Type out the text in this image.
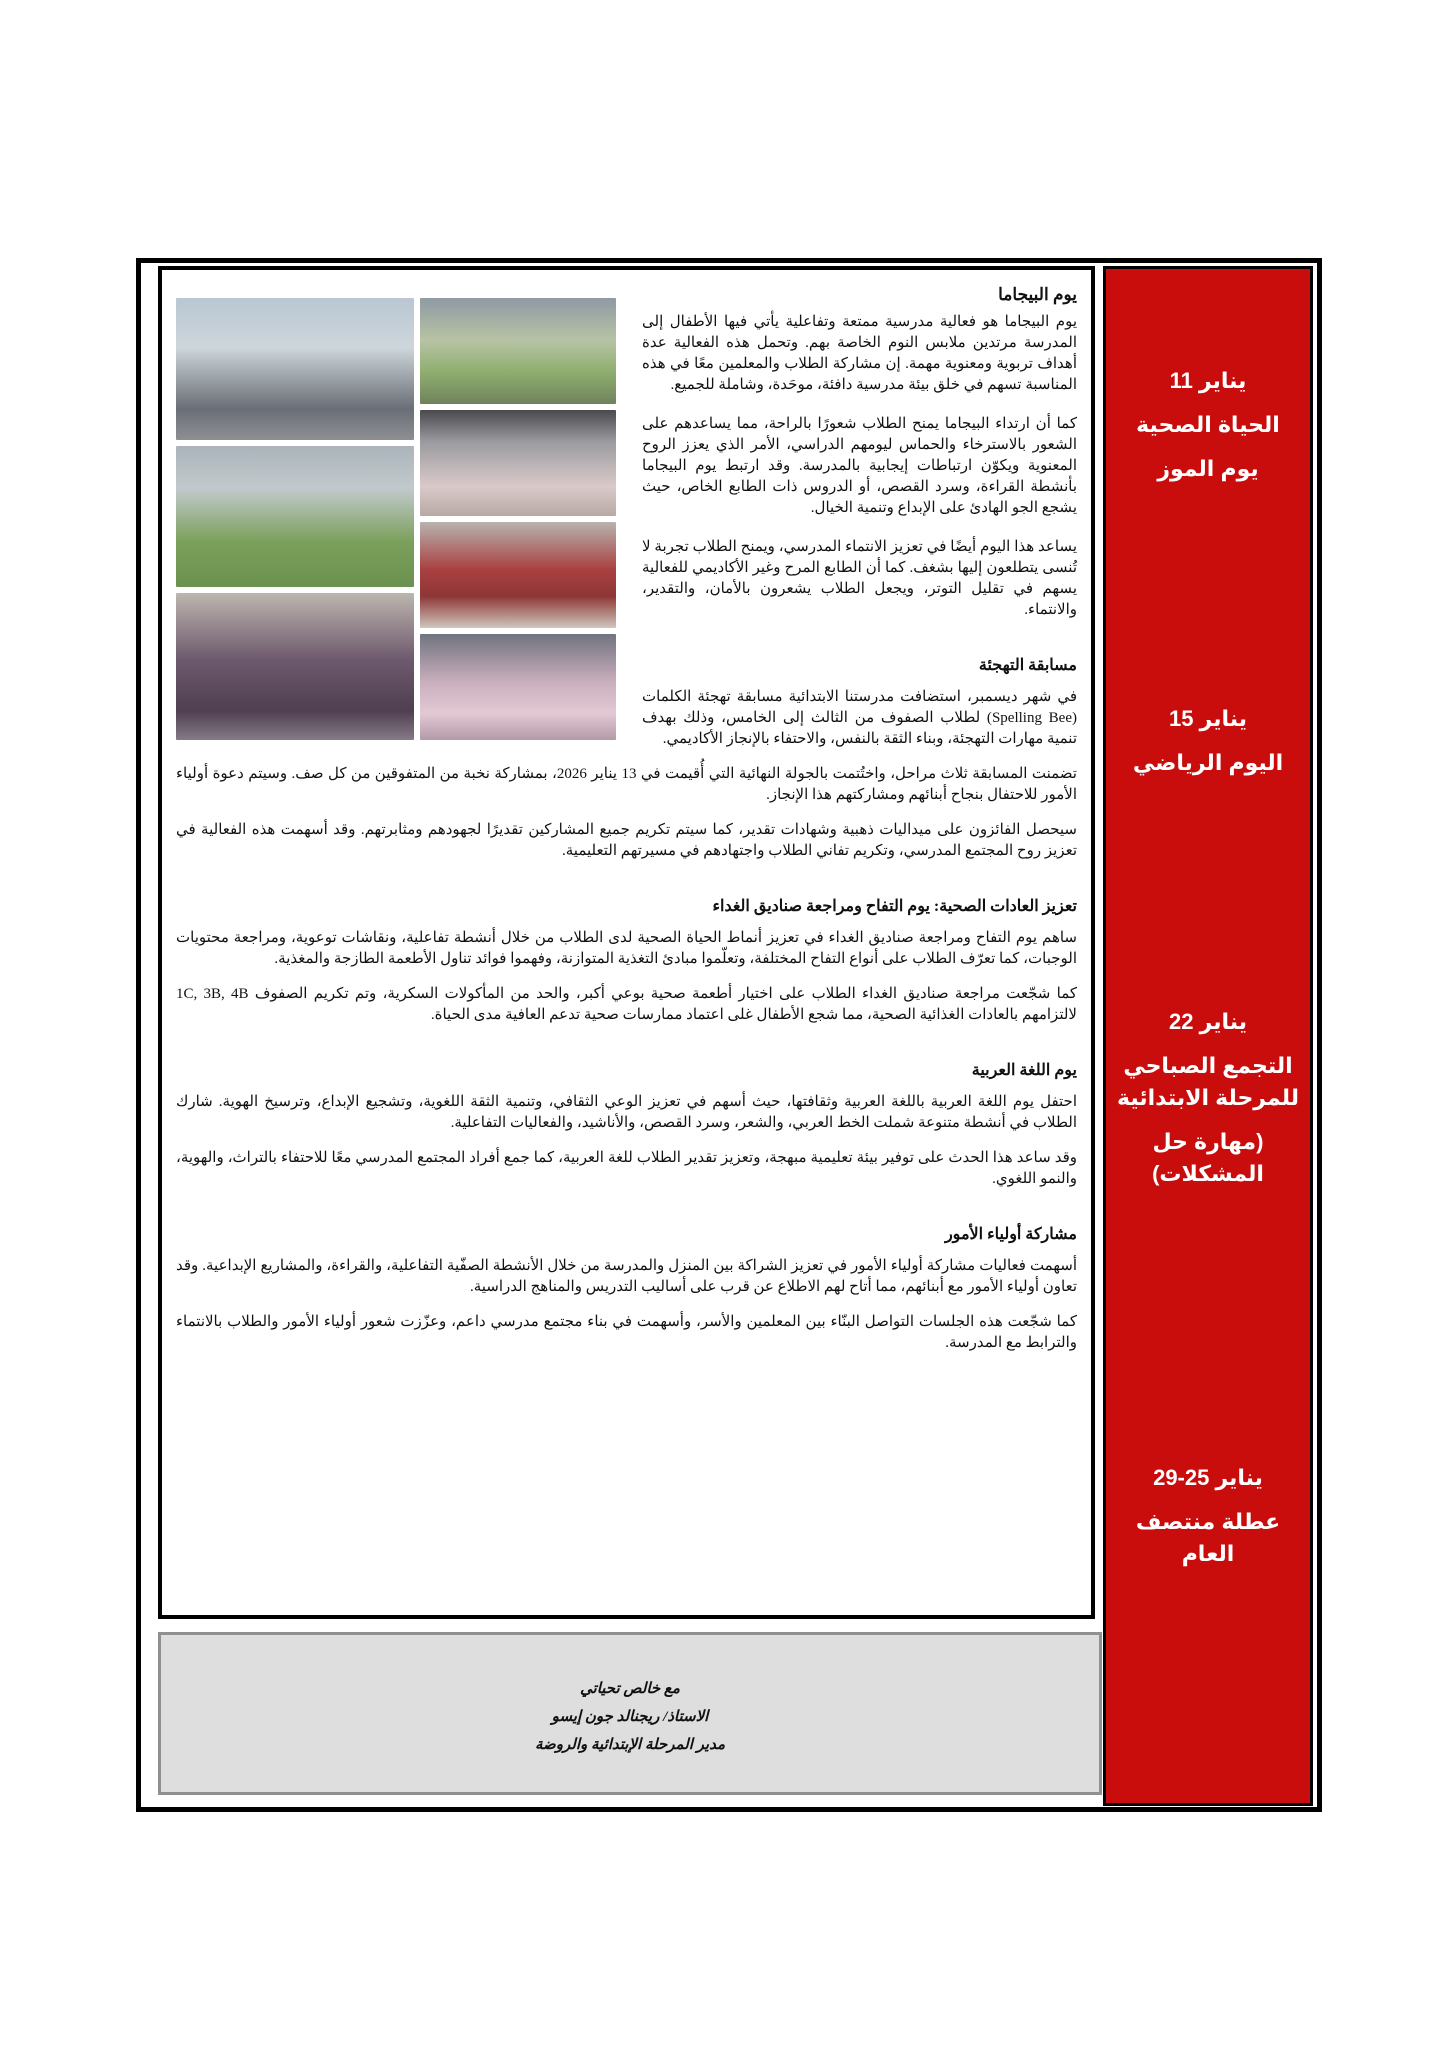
يوم البيجاما

يوم البيجاما هو فعالية مدرسية ممتعة وتفاعلية يأتي فيها الأطفال إلى المدرسة مرتدين ملابس النوم الخاصة بهم. وتحمل هذه الفعالية عدة أهداف تربوية ومعنوية مهمة. إن مشاركة الطلاب والمعلمين معًا في هذه المناسبة تسهم في خلق بيئة مدرسية دافئة، موحَدة، وشاملة للجميع.

كما أن ارتداء البيجاما يمنح الطلاب شعورًا بالراحة، مما يساعدهم على الشعور بالاسترخاء والحماس ليومهم الدراسي، الأمر الذي يعزز الروح المعنوية ويكوّن ارتباطات إيجابية بالمدرسة. وقد ارتبط يوم البيجاما بأنشطة القراءة، وسرد القصص، أو الدروس ذات الطابع الخاص، حيث يشجع الجو الهادئ على الإبداع وتنمية الخيال.

يساعد هذا اليوم أيضًا في تعزيز الانتماء المدرسي، ويمنح الطلاب تجربة لا تُنسى يتطلعون إليها بشغف. كما أن الطابع المرح وغير الأكاديمي للفعالية يسهم في تقليل التوتر، ويجعل الطلاب يشعرون بالأمان، والتقدير، والانتماء.

مسابقة التهجئة

في شهر ديسمبر، استضافت مدرستنا الابتدائية مسابقة تهجئة الكلمات (Spelling Bee) لطلاب الصفوف من الثالث إلى الخامس، وذلك بهدف تنمية مهارات التهجئة، وبناء الثقة بالنفس، والاحتفاء بالإنجاز الأكاديمي.

تضمنت المسابقة ثلاث مراحل، واختُتمت بالجولة النهائية التي أُقيمت في 13 يناير 2026، بمشاركة نخبة من المتفوقين من كل صف. وسيتم دعوة أولياء الأمور للاحتفال بنجاح أبنائهم ومشاركتهم هذا الإنجاز.

سيحصل الفائزون على ميداليات ذهبية وشهادات تقدير، كما سيتم تكريم جميع المشاركين تقديرًا لجهودهم ومثابرتهم. وقد أسهمت هذه الفعالية في تعزيز روح المجتمع المدرسي، وتكريم تفاني الطلاب واجتهادهم في مسيرتهم التعليمية.

تعزيز العادات الصحية: يوم التفاح ومراجعة صناديق الغداء

ساهم يوم التفاح ومراجعة صناديق الغداء في تعزيز أنماط الحياة الصحية لدى الطلاب من خلال أنشطة تفاعلية، ونقاشات توعوية، ومراجعة محتويات الوجبات، كما تعرّف الطلاب على أنواع التفاح المختلفة، وتعلّموا مبادئ التغذية المتوازنة، وفهموا فوائد تناول الأطعمة الطازجة والمغذية.

كما شجّعت مراجعة صناديق الغداء الطلاب على اختيار أطعمة صحية بوعي أكبر، والحد من المأكولات السكرية، وتم تكريم الصفوف 1C, 3B, 4B لالتزامهم بالعادات الغذائية الصحية، مما شجع الأطفال غلى اعتماد ممارسات صحية تدعم العافية مدى الحياة.

يوم اللغة العربية

احتفل يوم اللغة العربية باللغة العربية وثقافتها، حيث أسهم في تعزيز الوعي الثقافي، وتنمية الثقة اللغوية، وتشجيع الإبداع، وترسيخ الهوية. شارك الطلاب في أنشطة متنوعة شملت الخط العربي، والشعر، وسرد القصص، والأناشيد، والفعاليات التفاعلية.

وقد ساعد هذا الحدث على توفير بيئة تعليمية مبهجة، وتعزيز تقدير الطلاب للغة العربية، كما جمع أفراد المجتمع المدرسي معًا للاحتفاء بالتراث، والهوية، والنمو اللغوي.

مشاركة أولياء الأمور

أسهمت فعاليات مشاركة أولياء الأمور في تعزيز الشراكة بين المنزل والمدرسة من خلال الأنشطة الصفّية التفاعلية، والقراءة، والمشاريع الإبداعية. وقد تعاون أولياء الأمور مع أبنائهم، مما أتاح لهم الاطلاع عن قرب على أساليب التدريس والمناهج الدراسية.

كما شجّعت هذه الجلسات التواصل البنّاء بين المعلمين والأسر، وأسهمت في بناء مجتمع مدرسي داعم، وعزّزت شعور أولياء الأمور والطلاب بالانتماء والترابط مع المدرسة.

11 يناير
الحياة الصحية
يوم الموز
15 يناير
اليوم الرياضي
22 يناير
التجمع الصباحي
للمرحلة الابتدائية
(مهارة حل
المشكلات)
29-25 يناير
عطلة منتصف
العام
مع خالص تحياتي
الاستاذ/ ريجنالد جون إيسو
مدير المرحلة الإبتدائية والروضة
